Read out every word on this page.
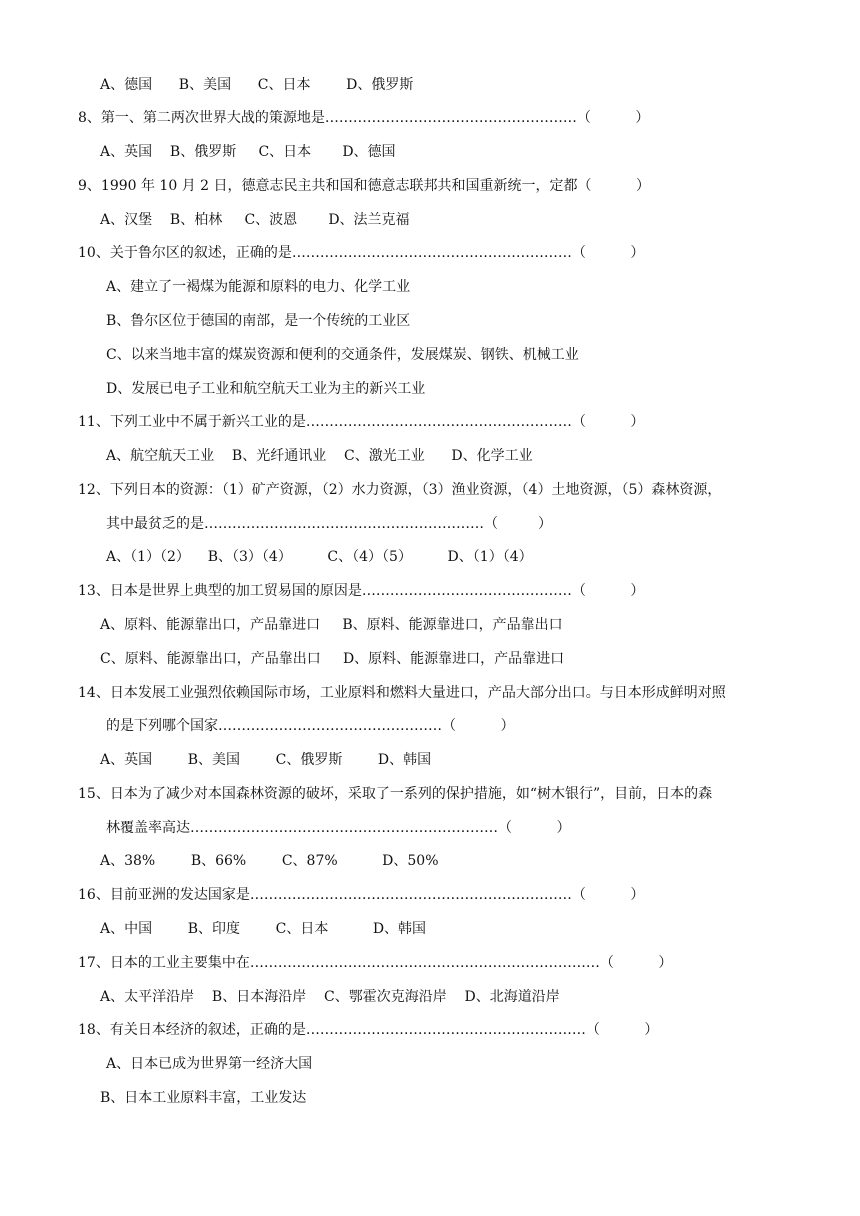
A、德国      B、美国      C、日本        D、俄罗斯
8、第一、第二两次世界大战的策源地是………………………………………………（          ）
A、英国    B、俄罗斯     C、日本       D、德国
9、1990 年 10 月 2 日，德意志民主共和国和德意志联邦共和国重新统一，定都（          ）
A、汉堡    B、柏林     C、波恩       D、法兰克福
10、关于鲁尔区的叙述，正确的是……………………………………………………（          ）
A、建立了一褐煤为能源和原料的电力、化学工业
B、鲁尔区位于德国的南部，是一个传统的工业区
C、以来当地丰富的煤炭资源和便利的交通条件，发展煤炭、钢铁、机械工业
D、发展已电子工业和航空航天工业为主的新兴工业
11、下列工业中不属于新兴工业的是…………………………………………………（          ）
A、航空航天工业    B、光纤通讯业    C、激光工业      D、化学工业
12、下列日本的资源：（1）矿产资源，（2）水力资源，（3）渔业资源，（4）土地资源，（5）森林资源，
其中最贫乏的是……………………………………………………（         ）
A、（1）（2）    B、（3）（4）        C、（4）（5）        D、（1）（4）
13、日本是世界上典型的加工贸易国的原因是………………………………………（          ）
A、原料、能源靠出口，产品靠进口     B、原料、能源靠进口，产品靠出口
C、原料、能源靠出口，产品靠出口     D、原料、能源靠进口，产品靠进口
14、日本发展工业强烈依赖国际市场，工业原料和燃料大量进口，产品大部分出口。与日本形成鲜明对照
的是下列哪个国家…………………………………………（          ）
A、英国        B、美国        C、俄罗斯        D、韩国
15、日本为了减少对本国森林资源的破坏，采取了一系列的保护措施，如“树木银行”，目前，日本的森
林覆盖率高达…………………………………………………………（          ）
A、38%        B、66%        C、87%          D、50%
16、目前亚洲的发达国家是……………………………………………………………（          ）
A、中国        B、印度        C、日本          D、韩国
17、日本的工业主要集中在…………………………………………………………………（          ）
A、太平洋沿岸    B、日本海沿岸    C、鄂霍次克海沿岸    D、北海道沿岸
18、有关日本经济的叙述，正确的是……………………………………………………（          ）
A、日本已成为世界第一经济大国
B、日本工业原料丰富，工业发达
